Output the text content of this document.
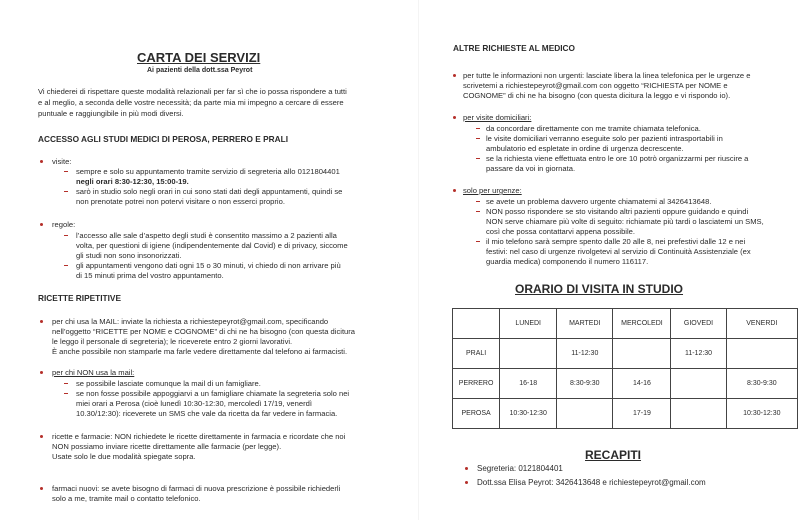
CARTA DEI SERVIZI
Ai pazienti della dott.ssa Peyrot
Vi chiederei di rispettare queste modalità relazionali per far sì che io possa rispondere a tutti
e al meglio, a seconda delle vostre necessità; da parte mia mi impegno a cercare di essere
puntuale e raggiungibile in più modi diversi.
ACCESSO AGLI STUDI MEDICI DI PEROSA, PERRERO E PRALI
visite:
sempre e solo su appuntamento tramite servizio di segreteria allo 0121804401
negli orari 8:30-12:30, 15:00-19.
sarò in studio solo negli orari in cui sono stati dati degli appuntamenti, quindi se
non prenotate potrei non potervi visitare o non esserci proprio.
regole:
l’accesso alle sale d’aspetto degli studi è consentito massimo a 2 pazienti alla
volta, per questioni di igiene (indipendentemente dal Covid) e di privacy, siccome
gli studi non sono insonorizzati.
gli appuntamenti vengono dati ogni 15 o 30 minuti, vi chiedo di non arrivare più
di 15 minuti prima del vostro appuntamento.
RICETTE RIPETITIVE
per chi usa la MAIL: inviate la richiesta a richiestepeyrot@gmail.com, specificando
nell’oggetto “RICETTE per NOME e COGNOME” di chi ne ha bisogno (con questa dicitura
le leggo il personale di segreteria); le riceverete entro 2 giorni lavorativi.
È anche possibile non stamparle ma farle vedere direttamente dal telefono ai farmacisti.
per chi NON usa la mail:
se possibile lasciate comunque la mail di un famigliare.
se non fosse possibile appoggiarvi a un famigliare chiamate la segreteria solo nei
miei orari a Perosa (cioè lunedì 10:30-12:30, mercoledì 17/19, venerdì
10.30/12:30): riceverete un SMS che vale da ricetta da far vedere in farmacia.
ricette e farmacie: NON richiedete le ricette direttamente in farmacia e ricordate che noi
NON possiamo inviare ricette direttamente alle farmacie (per legge).
Usate solo le due modalità spiegate sopra.
farmaci nuovi: se avete bisogno di farmaci di nuova prescrizione è possibile richiederli
solo a me, tramite mail o contatto telefonico.
ALTRE RICHIESTE AL MEDICO
per tutte le informazioni non urgenti: lasciate libera la linea telefonica per le urgenze e
scrivetemi a richiestepeyrot@gmail.com con oggetto “RICHIESTA per NOME e
COGNOME” di chi ne ha bisogno (con questa dicitura la leggo e vi rispondo io).
per visite domiciliari:
da concordare direttamente con me tramite chiamata telefonica.
le visite domiciliari verranno eseguite solo per pazienti intrasportabili in
ambulatorio ed espletate in ordine di urgenza decrescente.
se la richiesta viene effettuata entro le ore 10 potrò organizzarmi per riuscire a
passare da voi in giornata.
solo per urgenze:
se avete un problema davvero urgente chiamatemi al 3426413648.
NON posso rispondere se sto visitando altri pazienti oppure guidando e quindi
NON serve chiamare più volte di seguito: richiamate più tardi o lasciatemi un SMS,
così che possa contattarvi appena possibile.
il mio telefono sarà sempre spento dalle 20 alle 8, nei prefestivi dalle 12 e nei
festivi: nel caso di urgenze rivolgetevi al servizio di Continuità Assistenziale (ex
guardia medica) componendo il numero 116117.
ORARIO DI VISITA IN STUDIO
	LUNEDI	MARTEDI	MERCOLEDI	GIOVEDI	VENERDI
PRALI		11-12:30		11-12:30	
PERRERO	16-18	8:30-9:30	14-16		8:30-9:30
PEROSA	10:30-12:30		17-19		10:30-12:30
RECAPITI
Segreteria: 0121804401
Dott.ssa Elisa Peyrot: 3426413648 e richiestepeyrot@gmail.com
